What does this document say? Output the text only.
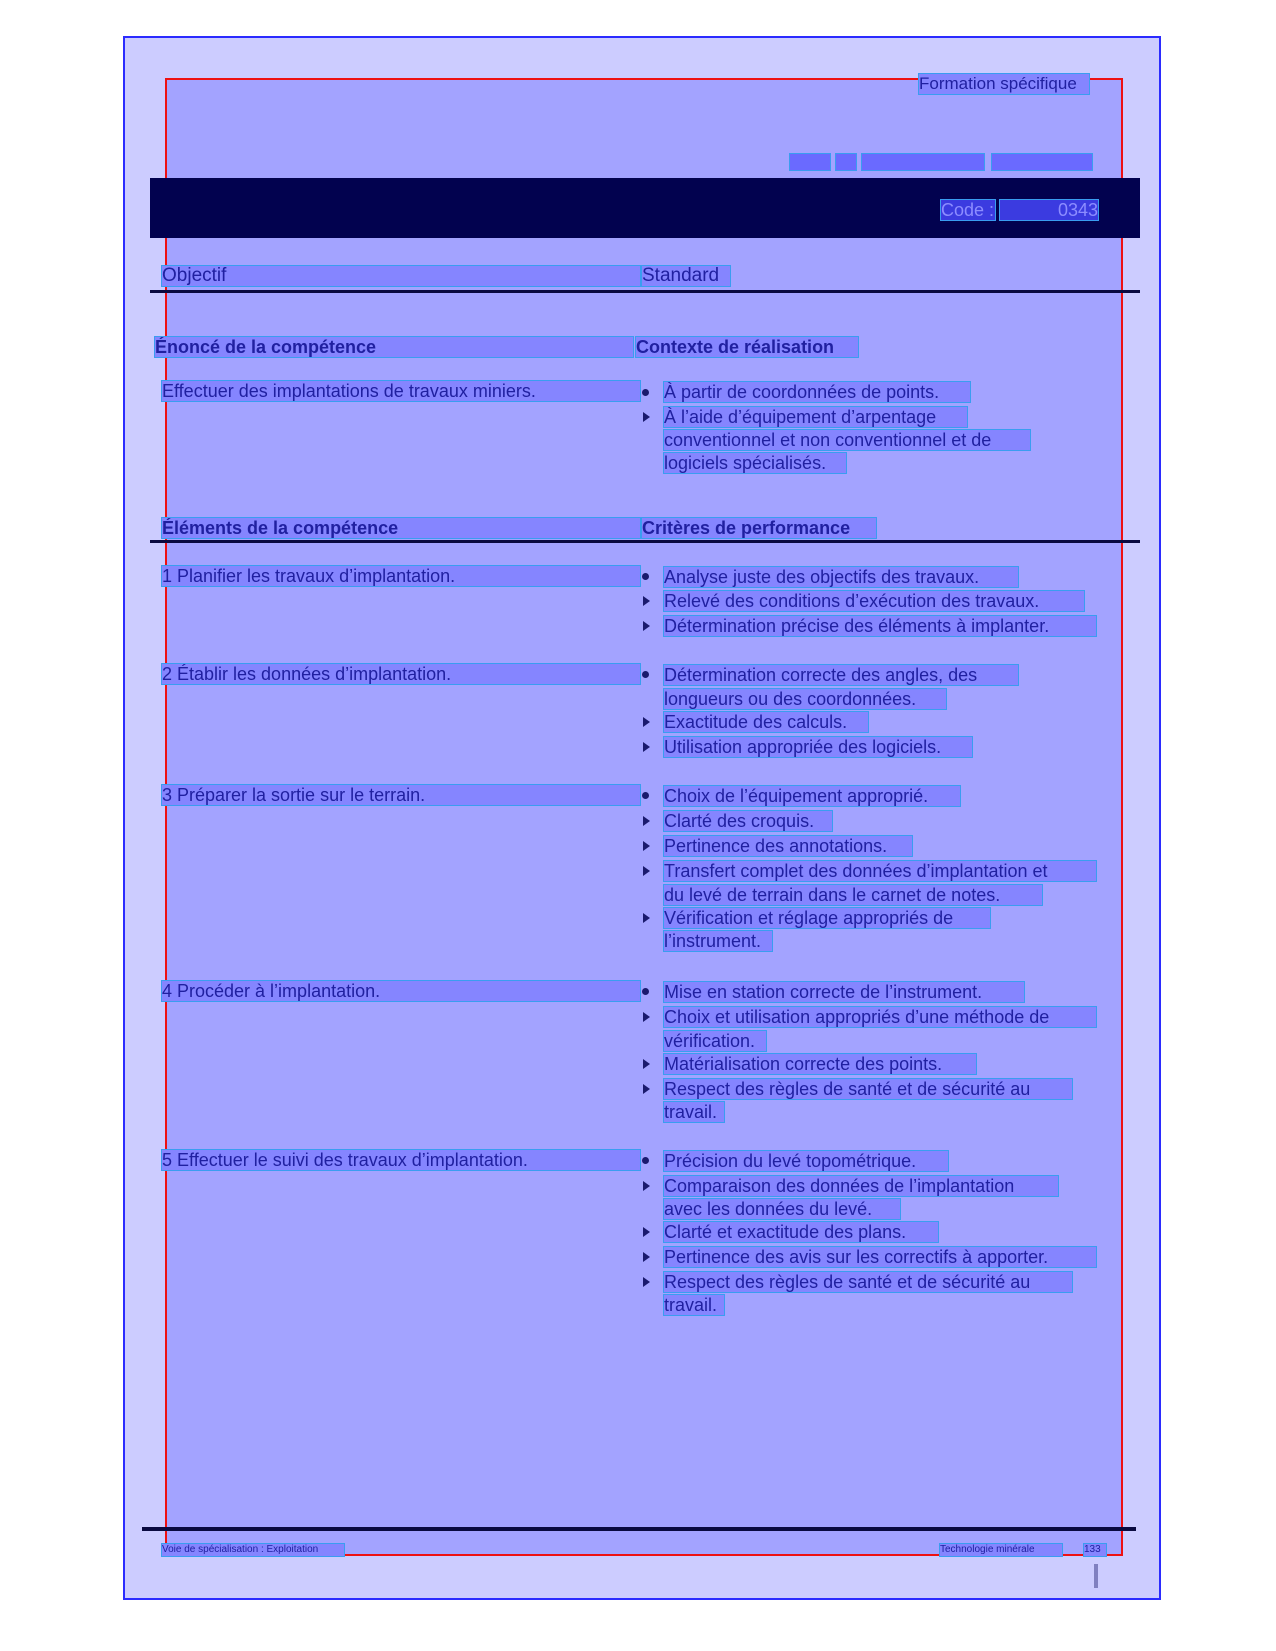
Formation spécifique
Code :	0343
Objectif	Standard
Énoncé de la compétence	Contexte de réalisation
Effectuer des implantations de travaux miniers.	À partir de coordonnées de points.
À l’aide d’équipement d’arpentage
conventionnel et non conventionnel et de
logiciels spécialisés.
Éléments de la compétence	Critères de performance
1 Planifier les travaux d’implantation.	Analyse juste des objectifs des travaux.
Relevé des conditions d’exécution des travaux.
Détermination précise des éléments à implanter.
2 Établir les données d’implantation.	Détermination correcte des angles, des
longueurs ou des coordonnées.
Exactitude des calculs.
Utilisation appropriée des logiciels.
3 Préparer la sortie sur le terrain.	Choix de l’équipement approprié.
Clarté des croquis.
Pertinence des annotations.
Transfert complet des données d’implantation et
du levé de terrain dans le carnet de notes.
Vérification et réglage appropriés de
l’instrument.
4 Procéder à l’implantation.	Mise en station correcte de l’instrument.
Choix et utilisation appropriés d’une méthode de
vérification.
Matérialisation correcte des points.
Respect des règles de santé et de sécurité au
travail.
5 Effectuer le suivi des travaux d’implantation.	Précision du levé topométrique.
Comparaison des données de l’implantation
avec les données du levé.
Clarté et exactitude des plans.
Pertinence des avis sur les correctifs à apporter.
Respect des règles de santé et de sécurité au
travail.
Voie de spécialisation : Exploitation	Technologie minérale	133
